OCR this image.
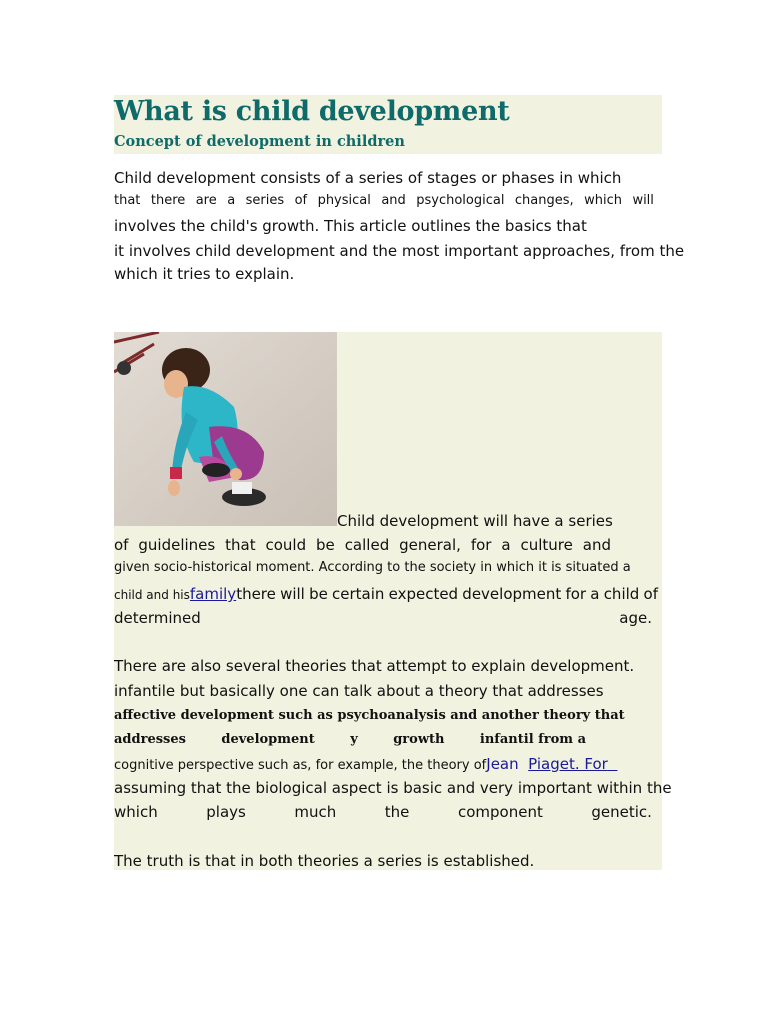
What is child development
Concept of development in children
Child development consists of a series of stages or phases in which
that there are a series of physical and psychological changes, which will
involves the child's growth. This article outlines the basics that
it involves child development and the most important approaches, from the
which it tries to explain.
Child development will have a series
of guidelines that could be called general, for a culture and
given socio-historical moment. According to the society in which it is situated a
child and his family there will be certain expected development for a child of
determined	age.
There are also several theories that attempt to explain development.
infantile but basically one can talk about a theory that addresses
affective development such as psychoanalysis and another theory that
addresses	development	y	growth	infantil from a
cognitive perspective such as, for example, the theory ofJean Piaget. For
assuming that the biological aspect is basic and very important within the
which	plays	much	the	component	genetic.
The truth is that in both theories a series is established.
